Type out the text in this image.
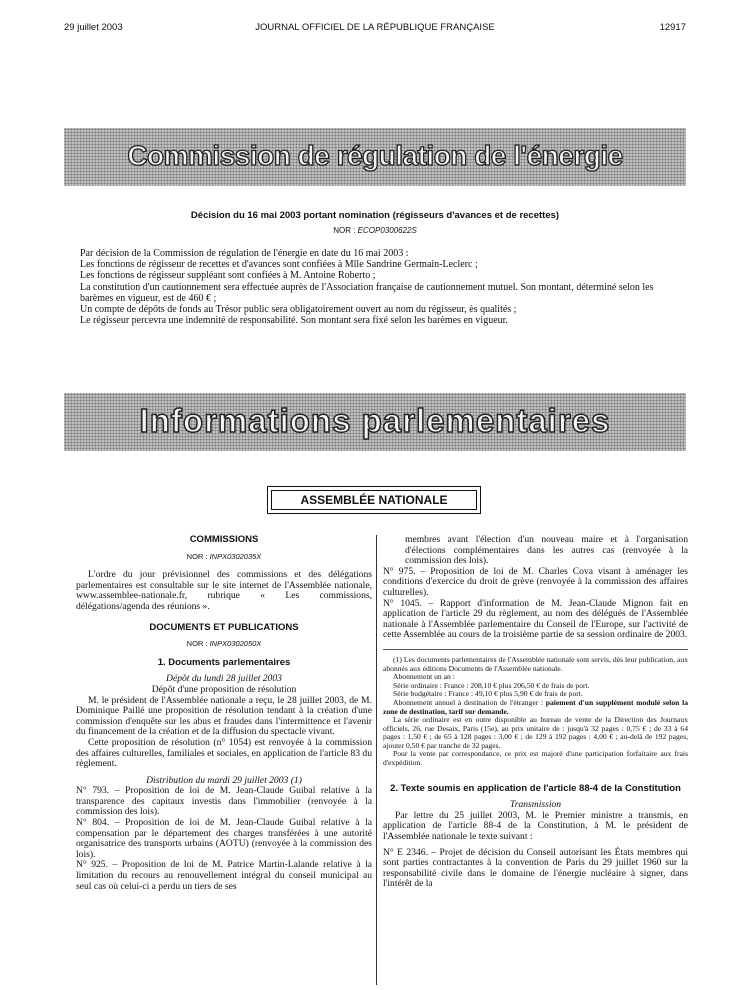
29 juillet 2003	JOURNAL OFFICIEL DE LA RÉPUBLIQUE FRANÇAISE	12917
Commission de régulation de l'énergie
Décision du 16 mai 2003 portant nomination (régisseurs d'avances et de recettes)
NOR : ECOP0300622S

Par décision de la Commission de régulation de l'énergie en date du 16 mai 2003 :

Les fonctions de régisseur de recettes et d'avances sont confiées à Mlle Sandrine Germain-Leclerc ;

Les fonctions de régisseur suppléant sont confiées à M. Antoine Roberto ;

La constitution d'un cautionnement sera effectuée auprès de l'Association française de cautionnement mutuel. Son montant, déterminé selon les barèmes en vigueur, est de 460 € ;

Un compte de dépôts de fonds au Trésor public sera obligatoirement ouvert au nom du régisseur, ès qualités ;

Le régisseur percevra une indemnité de responsabilité. Son montant sera fixé selon les barèmes en vigueur.

Informations parlementaires
ASSEMBLÉE NATIONALE
COMMISSIONS
NOR : INPX0302035X

L'ordre du jour prévisionnel des commissions et des délégations parlementaires est consultable sur le site internet de l'Assemblée nationale, www.assemblee-nationale.fr, rubrique « Les commissions, délégations/agenda des réunions ».

DOCUMENTS ET PUBLICATIONS
NOR : INPX0302050X
1. Documents parlementaires

Dépôt du lundi 28 juillet 2003

Dépôt d'une proposition de résolution

M. le président de l'Assemblée nationale a reçu, le 28 juillet 2003, de M. Dominique Paillé une proposition de résolution tendant à la création d'une commission d'enquête sur les abus et fraudes dans l'intermittence et l'avenir du financement de la création et de la diffusion du spectacle vivant.

Cette proposition de résolution (n° 1054) est renvoyée à la commission des affaires culturelles, familiales et sociales, en application de l'article 83 du règlement.

Distribution du mardi 29 juillet 2003 (1)

N° 793. – Proposition de loi de M. Jean-Claude Guibal relative à la transparence des capitaux investis dans l'immobilier (renvoyée à la commission des lois).

N° 804. – Proposition de loi de M. Jean-Claude Guibal relative à la compensation par le département des charges transférées à une autorité organisatrice des transports urbains (AOTU) (renvoyée à la commission des lois).

N° 925. – Proposition de loi de M. Patrice Martin-Lalande relative à la limitation du recours au renouvellement intégral du conseil municipal au seul cas où celui-ci a perdu un tiers de ses

membres avant l'élection d'un nouveau maire et à l'organisation d'élections complémentaires dans les autres cas (renvoyée à la commission des lois).

N° 975. – Proposition de loi de M. Charles Cova visant à aménager les conditions d'exercice du droit de grève (renvoyée à la commission des affaires culturelles).

N° 1045. – Rapport d'information de M. Jean-Claude Mignon fait en application de l'article 29 du règlement, au nom des délégués de l'Assemblée nationale à l'Assemblée parlementaire du Conseil de l'Europe, sur l'activité de cette Assemblée au cours de la troisième partie de sa session ordinaire de 2003.

(1) Les documents parlementaires de l'Assemblée nationale sont servis, dès leur publication, aux abonnés aux éditions Documents de l'Assemblée nationale.

Abonnement un an :

Série ordinaire : France : 208,10 € plus 206,50 € de frais de port.

Série budgétaire : France : 49,10 € plus 5,90 € de frais de port.

Abonnement annuel à destination de l'étranger : paiement d'un supplément modulé selon la zone de destination, tarif sur demande.

La série ordinaire est en outre disponible au bureau de vente de la Direction des Journaux officiels, 26, rue Desaix, Paris (15e), au prix unitaire de : jusqu'à 32 pages : 0,75 € ; de 33 à 64 pages : 1,50 € ; de 65 à 128 pages : 3,00 € ; de 129 à 192 pages : 4,00 € ; au-delà de 192 pages, ajouter 0,50 € par tranche de 32 pages.

Pour la vente par correspondance, ce prix est majoré d'une participation forfaitaire aux frais d'expédition.

2. Texte soumis en application de l'article 88-4 de la Constitution

Transmission

Par lettre du 25 juillet 2003, M. le Premier ministre a transmis, en application de l'article 88-4 de la Constitution, à M. le président de l'Assemblée nationale le texte suivant :

N° E 2346. – Projet de décision du Conseil autorisant les États membres qui sont parties contractantes à la convention de Paris du 29 juillet 1960 sur la responsabilité civile dans le domaine de l'énergie nucléaire à signer, dans l'intérêt de la
